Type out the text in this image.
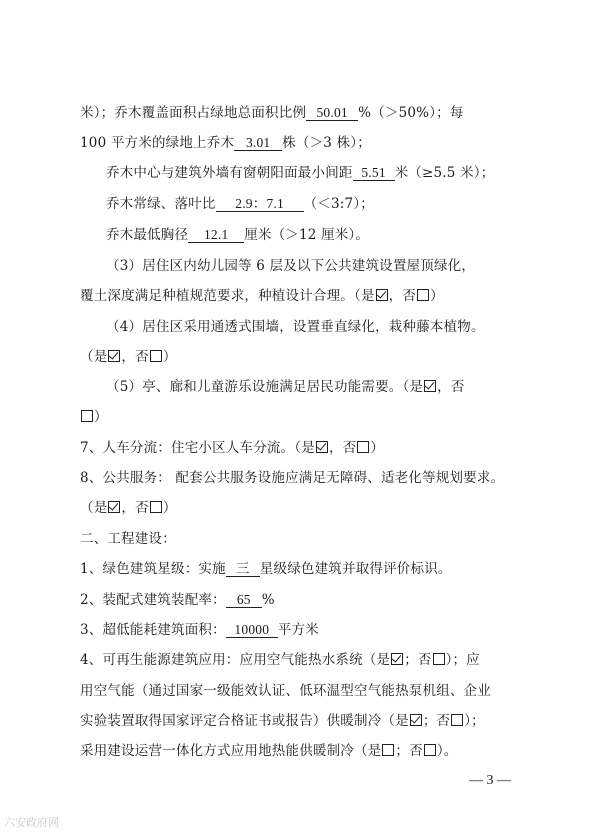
米）；乔木覆盖面积占绿地总面积比例 50.01 %（＞50%）；每
100 平方米的绿地上乔木 3.01 株（＞3 株）；
乔木中心与建筑外墙有窗朝阳面最小间距 5.51 米（≥5.5 米）；
乔木常绿、落叶比 2.9：7.1 （＜3:7）；
乔木最低胸径 12.1 厘米（＞12 厘米）。
（3）居住区内幼儿园等 6 层及以下公共建筑设置屋顶绿化，
覆土深度满足种植规范要求，种植设计合理。（是 ，否 ）
（4）居住区采用通透式围墙，设置垂直绿化，栽种藤本植物。
（是 ，否 ）
（5）亭、廊和儿童游乐设施满足居民功能需要。（是 ，否
）
7、人车分流：住宅小区人车分流。（是 ，否 ）
8、公共服务： 配套公共服务设施应满足无障碍、适老化等规划要求。
（是 ，否 ）
二、工程建设：
1、绿色建筑星级：实施 三 星级绿色建筑并取得评价标识。
2、装配式建筑装配率： 65 %
3、超低能耗建筑面积： 10000 平方米
4、可再生能源建筑应用：应用空气能热水系统（是 ；否 ）；应
用空气能（通过国家一级能效认证、低环温型空气能热泵机组、企业
实验装置取得国家评定合格证书或报告）供暖制冷（是 ；否 ）；
采用建设运营一体化方式应用地热能供暖制冷（是 ；否 ）。
— 3 —
六安政府网
